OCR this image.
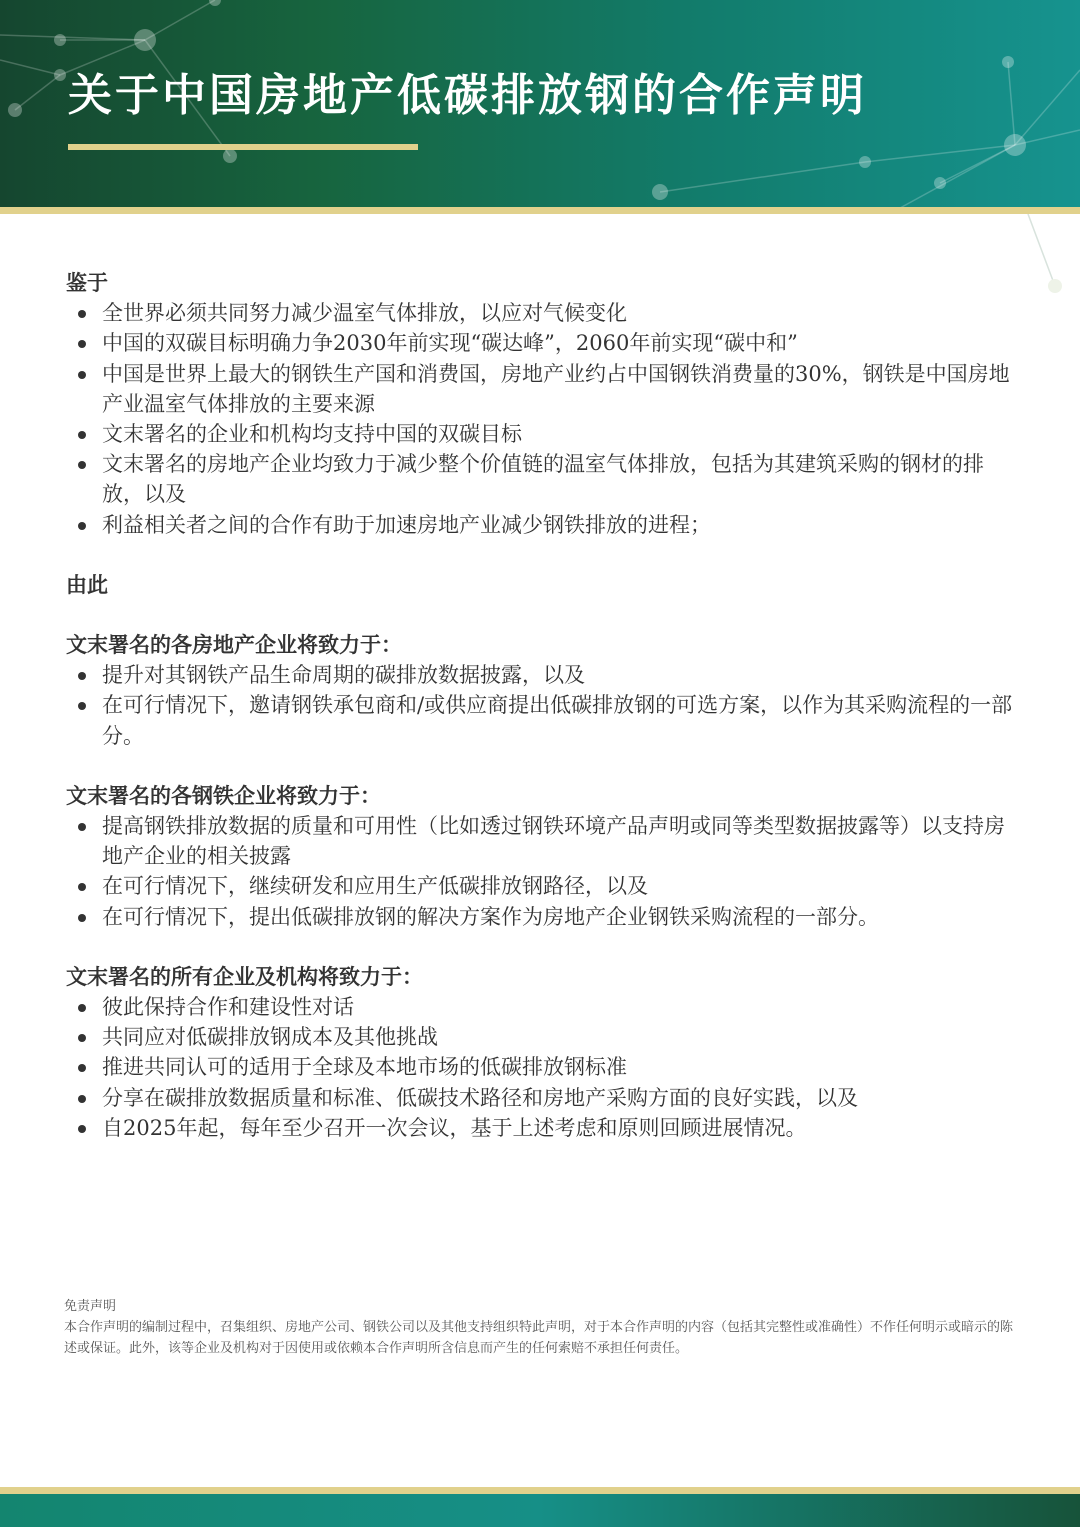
关于中国房地产低碳排放钢的合作声明

鉴于

全世界必须共同努力减少温室气体排放，以应对气候变化
中国的双碳目标明确力争2030年前实现“碳达峰”，2060年前实现“碳中和”
中国是世界上最大的钢铁生产国和消费国，房地产业约占中国钢铁消费量的30%，钢铁是中国房地产业温室气体排放的主要来源
文末署名的企业和机构均支持中国的双碳目标
文末署名的房地产企业均致力于减少整个价值链的温室气体排放，包括为其建筑采购的钢材的排放，以及
利益相关者之间的合作有助于加速房地产业减少钢铁排放的进程；

由此

文末署名的各房地产企业将致力于：

提升对其钢铁产品生命周期的碳排放数据披露，以及
在可行情况下，邀请钢铁承包商和/或供应商提出低碳排放钢的可选方案，以作为其采购流程的一部分。

文末署名的各钢铁企业将致力于：

提高钢铁排放数据的质量和可用性（比如透过钢铁环境产品声明或同等类型数据披露等）以支持房地产企业的相关披露
在可行情况下，继续研发和应用生产低碳排放钢路径，以及
在可行情况下，提出低碳排放钢的解决方案作为房地产企业钢铁采购流程的一部分。

文末署名的所有企业及机构将致力于：

彼此保持合作和建设性对话
共同应对低碳排放钢成本及其他挑战
推进共同认可的适用于全球及本地市场的低碳排放钢标准
分享在碳排放数据质量和标准、低碳技术路径和房地产采购方面的良好实践，以及
自2025年起，每年至少召开一次会议，基于上述考虑和原则回顾进展情况。
免责声明
本合作声明的编制过程中，召集组织、房地产公司、钢铁公司以及其他支持组织特此声明，对于本合作声明的内容（包括其完整性或准确性）不作任何明示或暗示的陈述或保证。此外，该等企业及机构对于因使用或依赖本合作声明所含信息而产生的任何索赔不承担任何责任。
